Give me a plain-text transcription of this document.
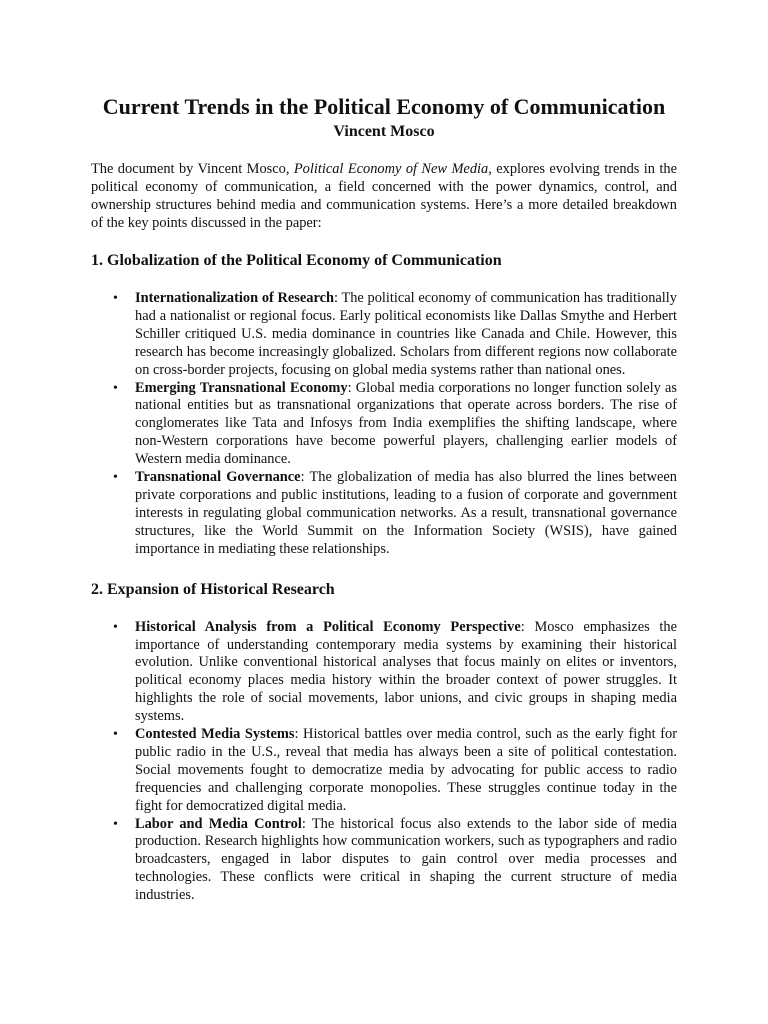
Current Trends in the Political Economy of Communication

Vincent Mosco

The document by Vincent Mosco, Political Economy of New Media, explores evolving trends in the political economy of communication, a field concerned with the power dynamics, control, and ownership structures behind media and communication systems. Here’s a more detailed breakdown of the key points discussed in the paper:

1. Globalization of the Political Economy of Communication
• Internationalization of Research: The political economy of communication has traditionally had a nationalist or regional focus. Early political economists like Dallas Smythe and Herbert Schiller critiqued U.S. media dominance in countries like Canada and Chile. However, this research has become increasingly globalized. Scholars from different regions now collaborate on cross-border projects, focusing on global media systems rather than national ones.
• Emerging Transnational Economy: Global media corporations no longer function solely as national entities but as transnational organizations that operate across borders. The rise of conglomerates like Tata and Infosys from India exemplifies the shifting landscape, where non-Western corporations have become powerful players, challenging earlier models of Western media dominance.
• Transnational Governance: The globalization of media has also blurred the lines between private corporations and public institutions, leading to a fusion of corporate and government interests in regulating global communication networks. As a result, transnational governance structures, like the World Summit on the Information Society (WSIS), have gained importance in mediating these relationships.
2. Expansion of Historical Research
• Historical Analysis from a Political Economy Perspective: Mosco emphasizes the importance of understanding contemporary media systems by examining their historical evolution. Unlike conventional historical analyses that focus mainly on elites or inventors, political economy places media history within the broader context of power struggles. It highlights the role of social movements, labor unions, and civic groups in shaping media systems.
• Contested Media Systems: Historical battles over media control, such as the early fight for public radio in the U.S., reveal that media has always been a site of political contestation. Social movements fought to democratize media by advocating for public access to radio frequencies and challenging corporate monopolies. These struggles continue today in the fight for democratized digital media.
• Labor and Media Control: The historical focus also extends to the labor side of media production. Research highlights how communication workers, such as typographers and radio broadcasters, engaged in labor disputes to gain control over media processes and technologies. These conflicts were critical in shaping the current structure of media industries.
